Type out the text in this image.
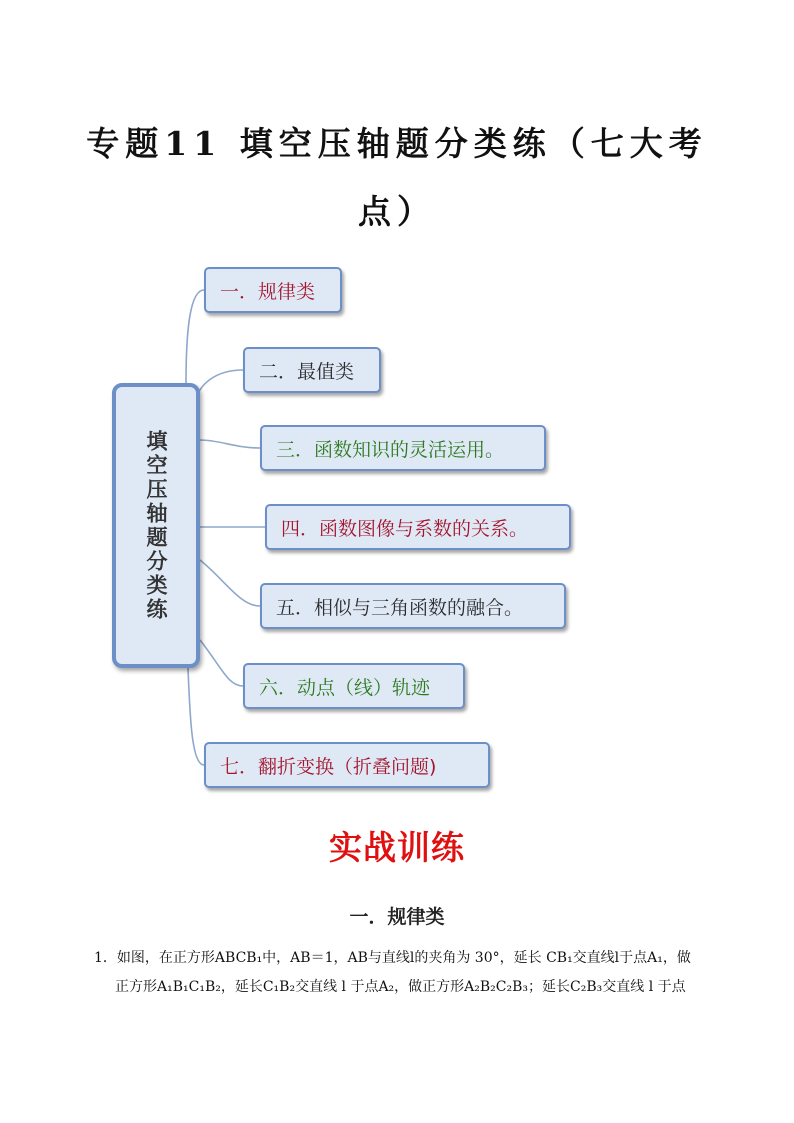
专题11 填空压轴题分类练（七大考
点）
填空压轴题分类练
一．规律类
二．最值类
三．函数知识的灵活运用。
四．函数图像与系数的关系。
五．相似与三角函数的融合。
六．动点（线）轨迹
七．翻折变换（折叠问题)
实战训练
一．规律类
1．如图，在正方形ABCB₁中，AB＝1，AB与直线l的夹角为 30°，延长 CB₁交直线l于点A₁，做
正方形A₁B₁C₁B₂，延长C₁B₂交直线 l 于点A₂，做正方形A₂B₂C₂B₃；延长C₂B₃交直线 l 于点
